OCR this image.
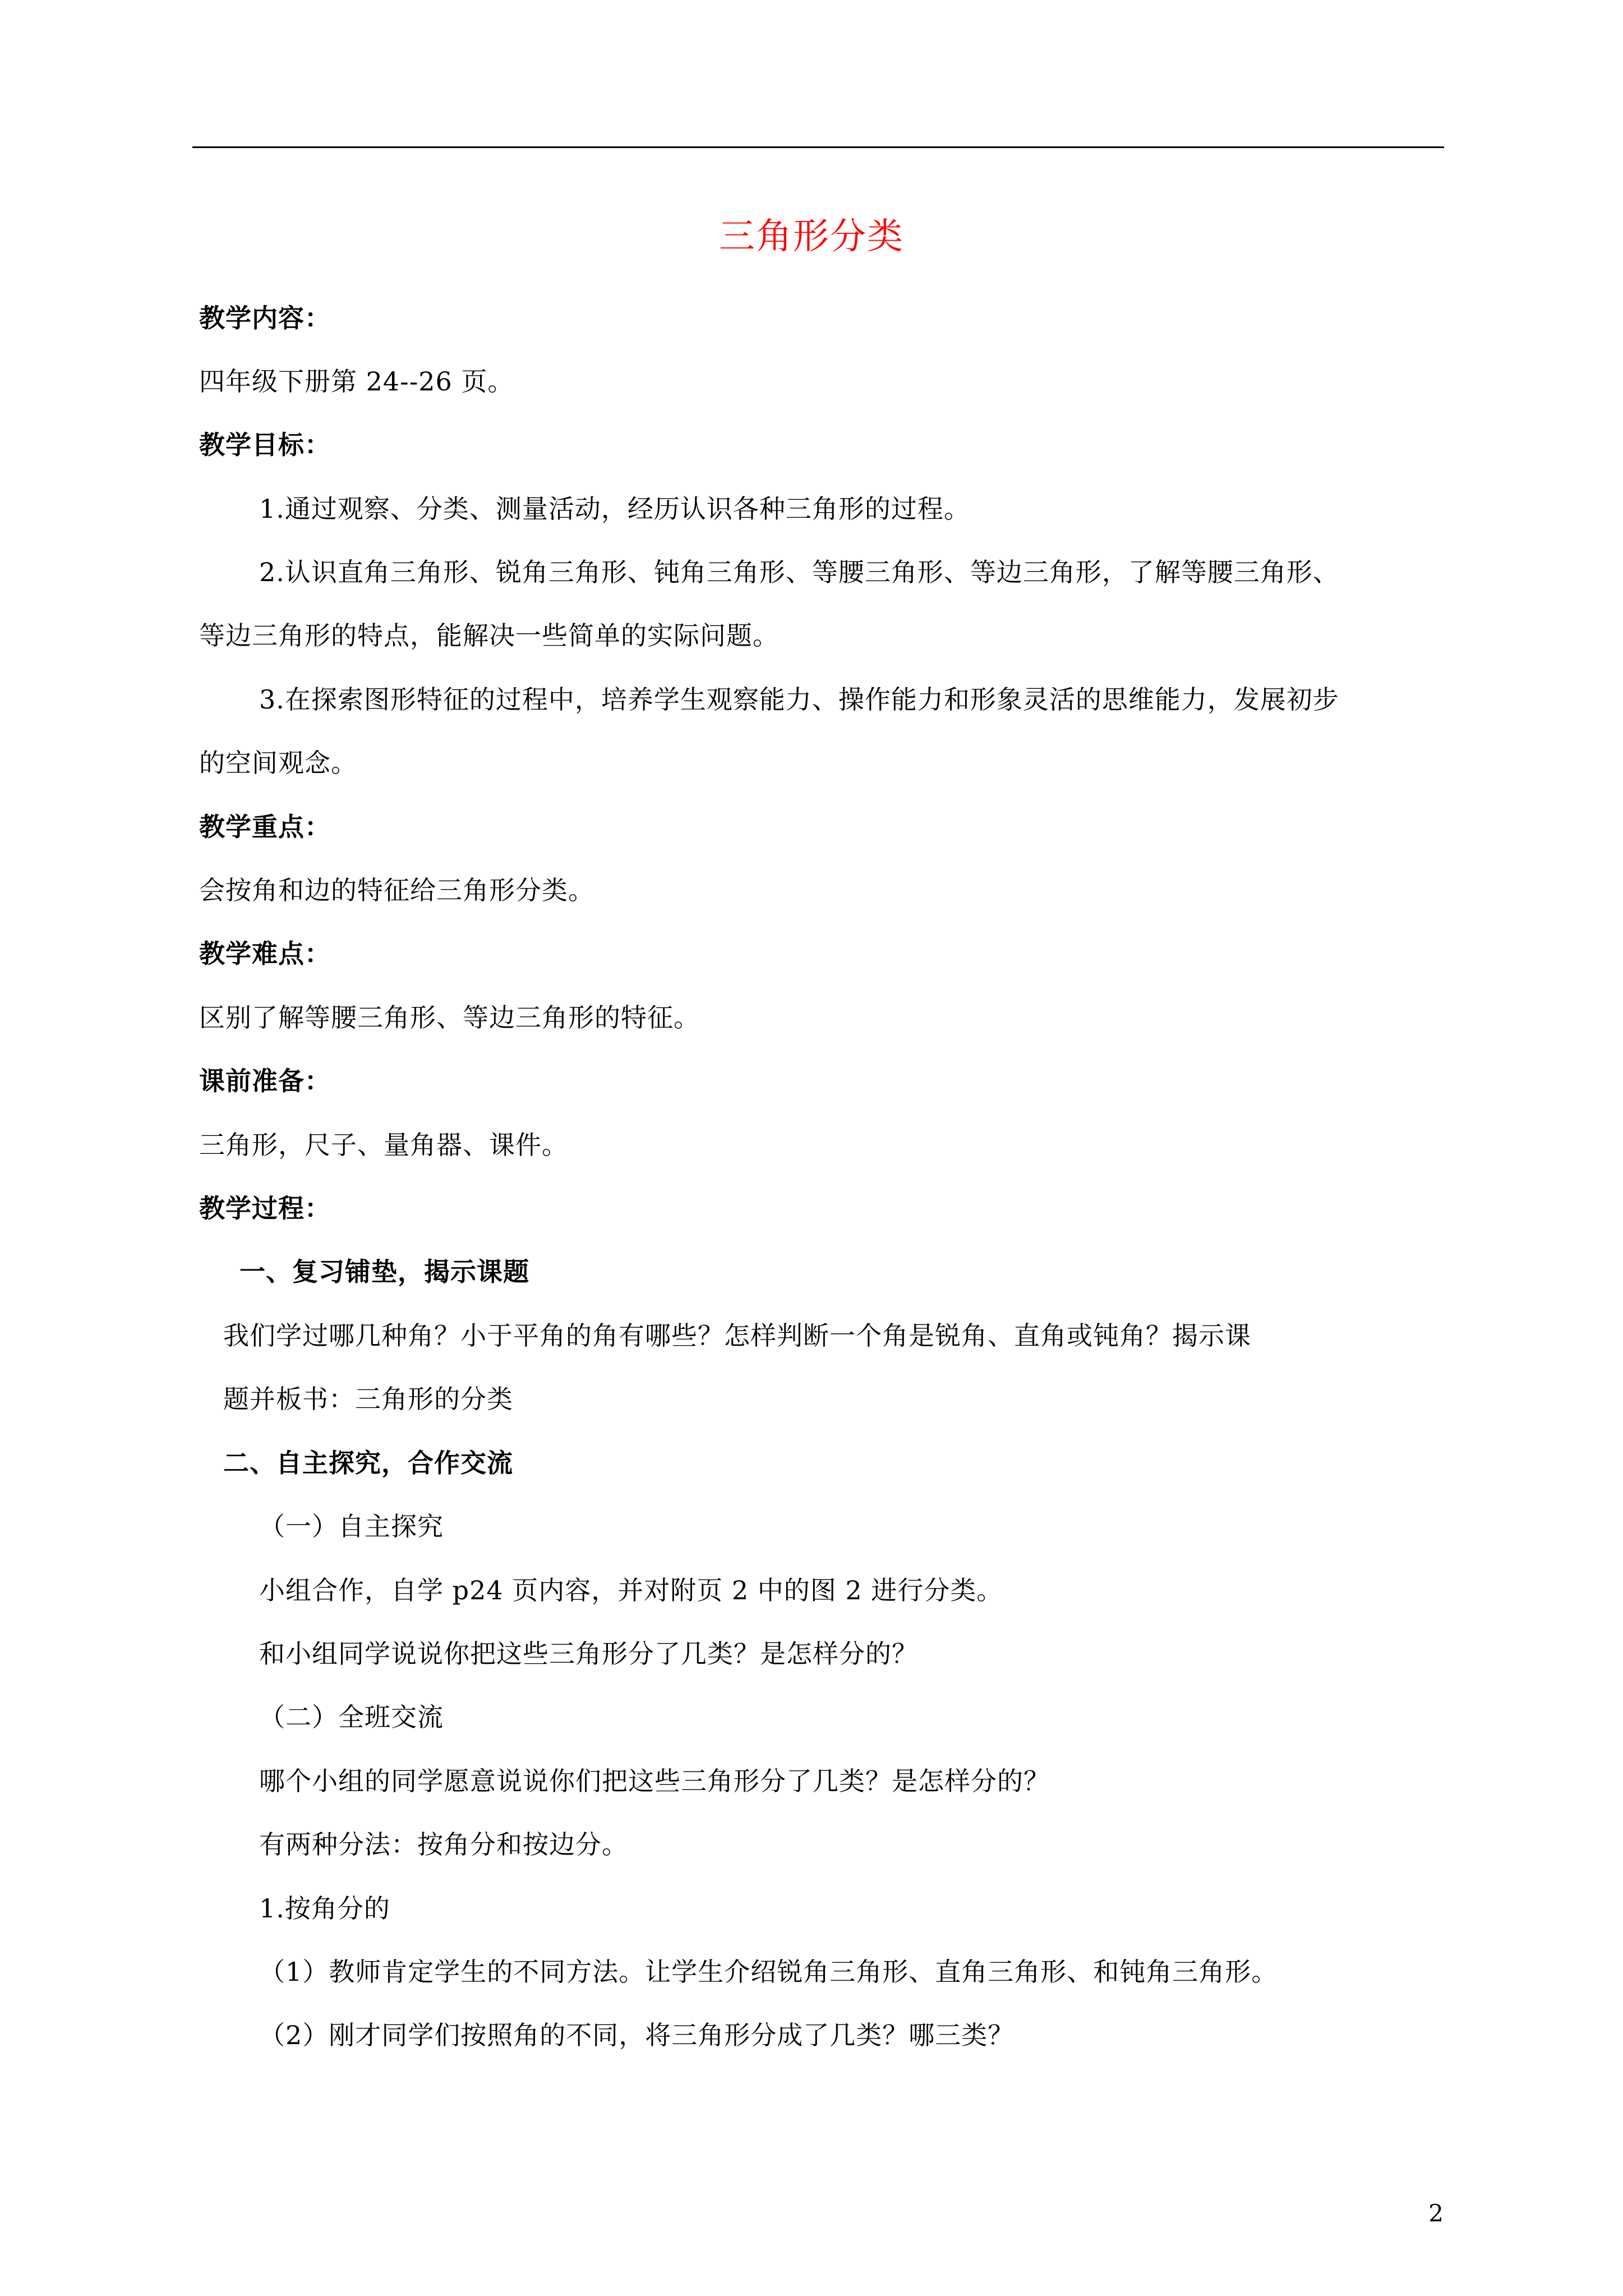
三角形分类
教学内容：
四年级下册第 24--26 页。
教学目标：
1.通过观察、分类、测量活动，经历认识各种三角形的过程。
2.认识直角三角形、锐角三角形、钝角三角形、等腰三角形、等边三角形，了解等腰三角形、
等边三角形的特点，能解决一些简单的实际问题。
3.在探索图形特征的过程中，培养学生观察能力、操作能力和形象灵活的思维能力，发展初步
的空间观念。
教学重点：
会按角和边的特征给三角形分类。
教学难点：
区别了解等腰三角形、等边三角形的特征。
课前准备：
三角形，尺子、量角器、课件。
教学过程：
一、复习铺垫，揭示课题
我们学过哪几种角？小于平角的角有哪些？怎样判断一个角是锐角、直角或钝角？揭示课
题并板书：三角形的分类
二、自主探究，合作交流
（一）自主探究
小组合作，自学 p24 页内容，并对附页 2 中的图 2 进行分类。
和小组同学说说你把这些三角形分了几类？是怎样分的？
（二）全班交流
哪个小组的同学愿意说说你们把这些三角形分了几类？是怎样分的？
有两种分法：按角分和按边分。
1.按角分的
（1）教师肯定学生的不同方法。让学生介绍锐角三角形、直角三角形、和钝角三角形。
（2）刚才同学们按照角的不同，将三角形分成了几类？哪三类？
2
